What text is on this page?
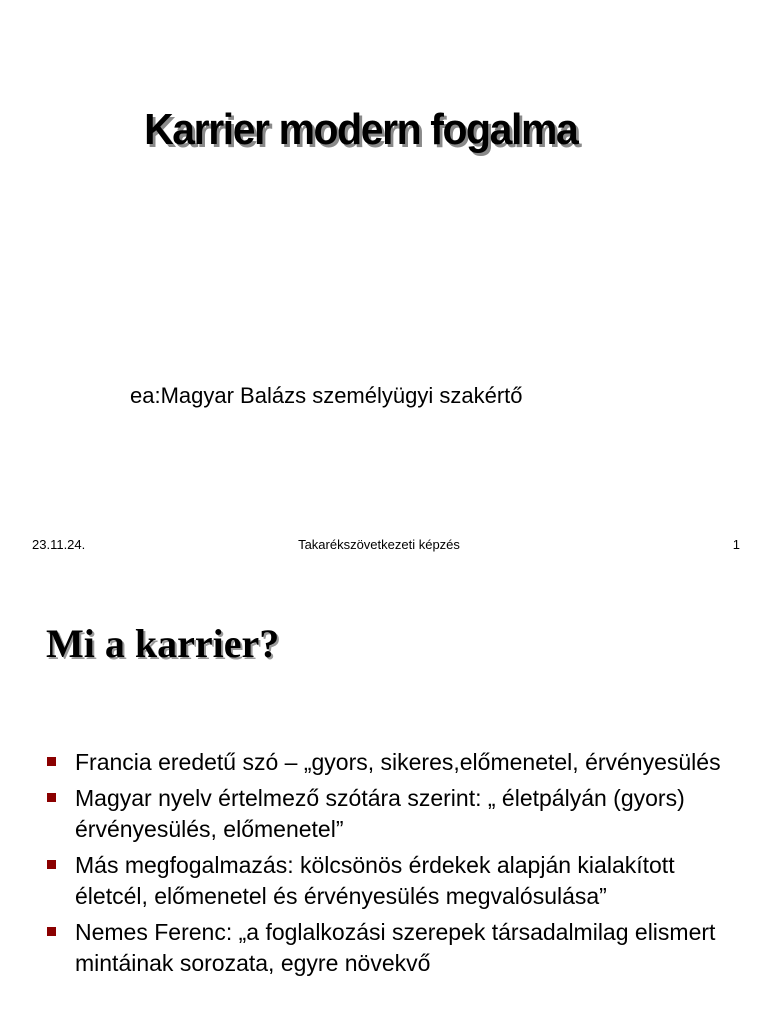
Karrier modern fogalma
ea:Magyar Balázs személyügyi szakértő
23.11.24.	Takarékszövetkezeti képzés	1
Mi a karrier?
Francia eredetű szó – „gyors, sikeres,előmenetel, érvényesülés
Magyar nyelv értelmező szótára szerint: „ életpályán (gyors) érvényesülés, előmenetel”
Más megfogalmazás: kölcsönös érdekek alapján kialakított életcél, előmenetel és érvényesülés megvalósulása”
Nemes Ferenc: „a foglalkozási szerepek társadalmilag elismert mintáinak sorozata, egyre növekvő
